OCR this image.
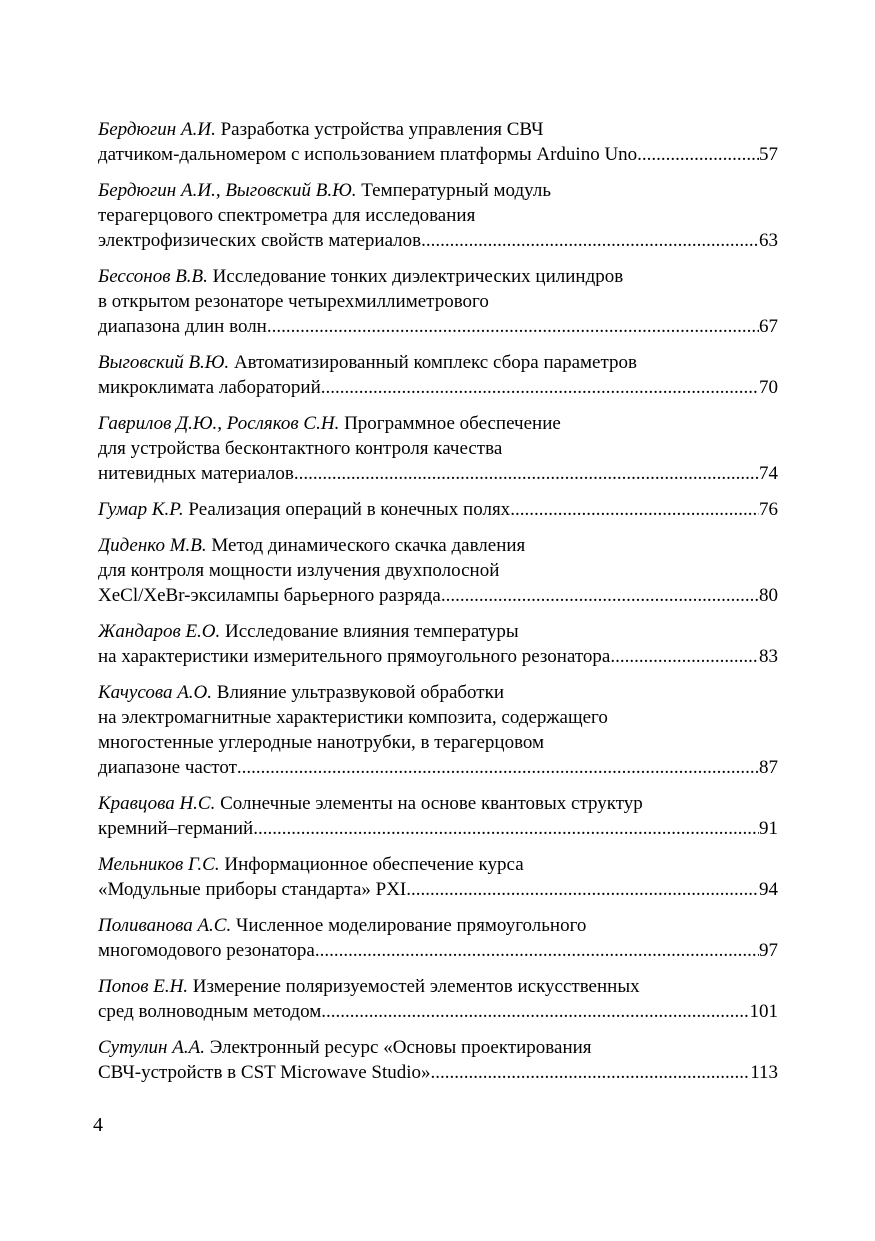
Бердюгин А.И. Разработка устройства управления СВЧ
датчиком-дальномером с использованием платформы Arduino Uno .....	57
Бердюгин А.И., Выговский В.Ю. Температурный модуль
терагерцового спектрометра для исследования
электрофизических свойств материалов .....	63
Бессонов В.В. Исследование тонких диэлектрических цилиндров
в открытом резонаторе четырехмиллиметрового
диапазона длин волн .....	67
Выговский В.Ю. Автоматизированный комплекс сбора параметров
микроклимата лабораторий .....	70
Гаврилов Д.Ю., Росляков С.Н. Программное обеспечение
для устройства бесконтактного контроля качества
нитевидных материалов .....	74
Гумар К.Р. Реализация операций в конечных полях .....	76
Диденко М.В. Метод динамического скачка давления
для контроля мощности излучения двухполосной
XeCl/XeBr-эксилампы барьерного разряда .....	80
Жандаров Е.О. Исследование влияния температуры
на характеристики измерительного прямоугольного резонатора .....	83
Качусова А.О. Влияние ультразвуковой обработки
на электромагнитные характеристики композита, содержащего
многостенные углеродные нанотрубки, в терагерцовом
диапазоне частот .....	87
Кравцова Н.С. Солнечные элементы на основе квантовых структур
кремний–германий .....	91
Мельников Г.С. Информационное обеспечение курса
«Модульные приборы стандарта» PXI .....	94
Поливанова А.С. Численное моделирование прямоугольного
многомодового резонатора .....	97
Попов Е.Н. Измерение поляризуемостей элементов искусственных
сред волноводным методом .....	101
Сутулин А.А. Электронный ресурс «Основы проектирования
СВЧ-устройств в CST Microwave Studio» .....	113
4
